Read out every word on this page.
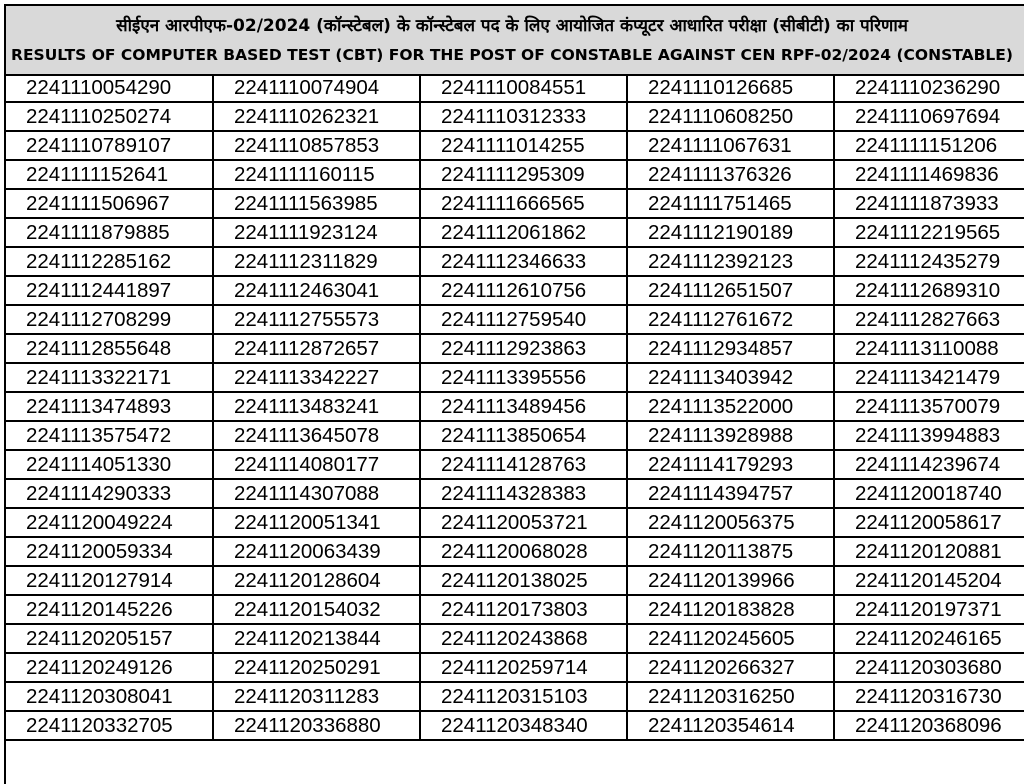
सीईएन आरपीएफ-02/2024 (कॉन्स्टेबल) के कॉन्स्टेबल पद के लिए आयोजित कंप्यूटर आधारित परीक्षा (सीबीटी) का परिणाम
RESULTS OF COMPUTER BASED TEST (CBT) FOR THE POST OF CONSTABLE AGAINST CEN RPF-02/2024 (CONSTABLE)
2241110054290	2241110074904	2241110084551	2241110126685	2241110236290
2241110250274	2241110262321	2241110312333	2241110608250	2241110697694
2241110789107	2241110857853	2241111014255	2241111067631	2241111151206
2241111152641	2241111160115	2241111295309	2241111376326	2241111469836
2241111506967	2241111563985	2241111666565	2241111751465	2241111873933
2241111879885	2241111923124	2241112061862	2241112190189	2241112219565
2241112285162	2241112311829	2241112346633	2241112392123	2241112435279
2241112441897	2241112463041	2241112610756	2241112651507	2241112689310
2241112708299	2241112755573	2241112759540	2241112761672	2241112827663
2241112855648	2241112872657	2241112923863	2241112934857	2241113110088
2241113322171	2241113342227	2241113395556	2241113403942	2241113421479
2241113474893	2241113483241	2241113489456	2241113522000	2241113570079
2241113575472	2241113645078	2241113850654	2241113928988	2241113994883
2241114051330	2241114080177	2241114128763	2241114179293	2241114239674
2241114290333	2241114307088	2241114328383	2241114394757	2241120018740
2241120049224	2241120051341	2241120053721	2241120056375	2241120058617
2241120059334	2241120063439	2241120068028	2241120113875	2241120120881
2241120127914	2241120128604	2241120138025	2241120139966	2241120145204
2241120145226	2241120154032	2241120173803	2241120183828	2241120197371
2241120205157	2241120213844	2241120243868	2241120245605	2241120246165
2241120249126	2241120250291	2241120259714	2241120266327	2241120303680
2241120308041	2241120311283	2241120315103	2241120316250	2241120316730
2241120332705	2241120336880	2241120348340	2241120354614	2241120368096
